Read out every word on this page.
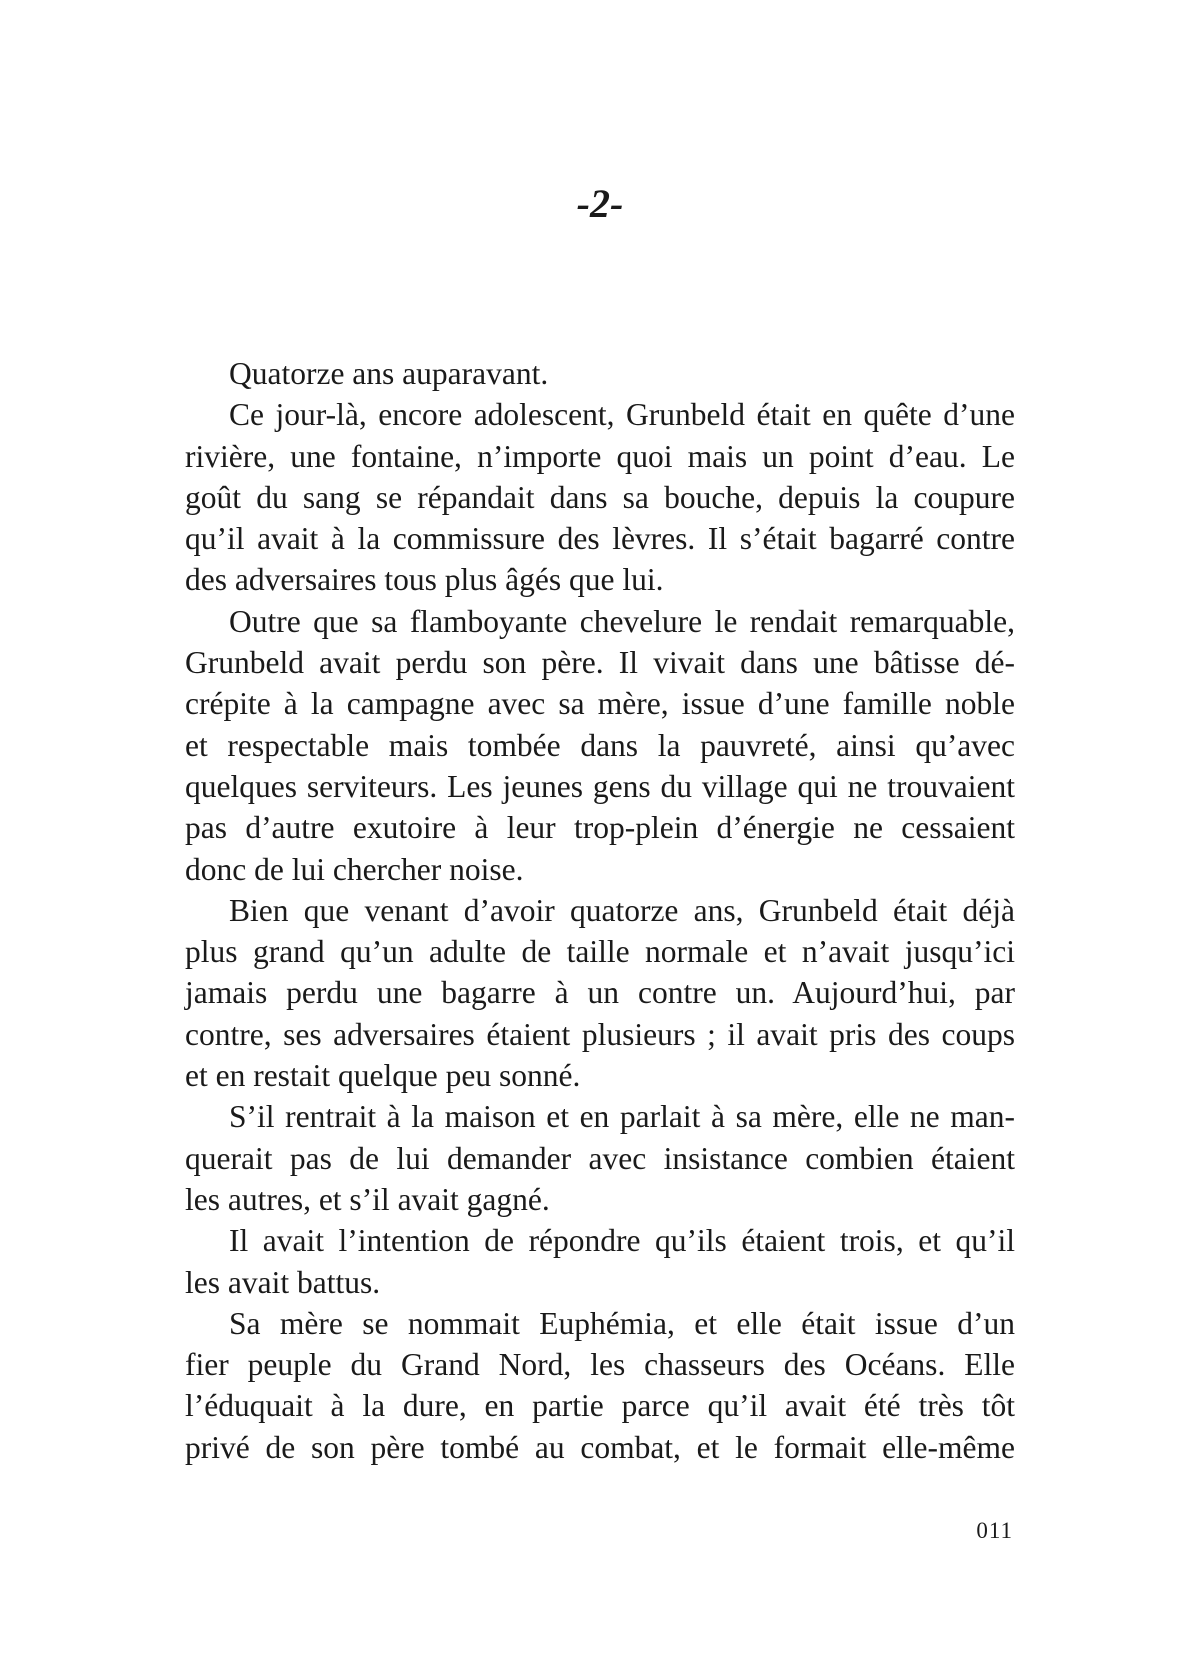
-2-
Quatorze ans auparavant.
Ce jour-là, encore adolescent, Grunbeld était en quête d’une
rivière, une fontaine, n’importe quoi mais un point d’eau. Le
goût du sang se répandait dans sa bouche, depuis la coupure
qu’il avait à la commissure des lèvres. Il s’était bagarré contre
des adversaires tous plus âgés que lui.
Outre que sa flamboyante chevelure le rendait remarquable,
Grunbeld avait perdu son père. Il vivait dans une bâtisse dé-
crépite à la campagne avec sa mère, issue d’une famille noble
et respectable mais tombée dans la pauvreté, ainsi qu’avec
quelques serviteurs. Les jeunes gens du village qui ne trouvaient
pas d’autre exutoire à leur trop-plein d’énergie ne cessaient
donc de lui chercher noise.
Bien que venant d’avoir quatorze ans, Grunbeld était déjà
plus grand qu’un adulte de taille normale et n’avait jusqu’ici
jamais perdu une bagarre à un contre un. Aujourd’hui, par
contre, ses adversaires étaient plusieurs ; il avait pris des coups
et en restait quelque peu sonné.
S’il rentrait à la maison et en parlait à sa mère, elle ne man-
querait pas de lui demander avec insistance combien étaient
les autres, et s’il avait gagné.
Il avait l’intention de répondre qu’ils étaient trois, et qu’il
les avait battus.
Sa mère se nommait Euphémia, et elle était issue d’un
fier peuple du Grand Nord, les chasseurs des Océans. Elle
l’éduquait à la dure, en partie parce qu’il avait été très tôt
privé de son père tombé au combat, et le formait elle-même
011
